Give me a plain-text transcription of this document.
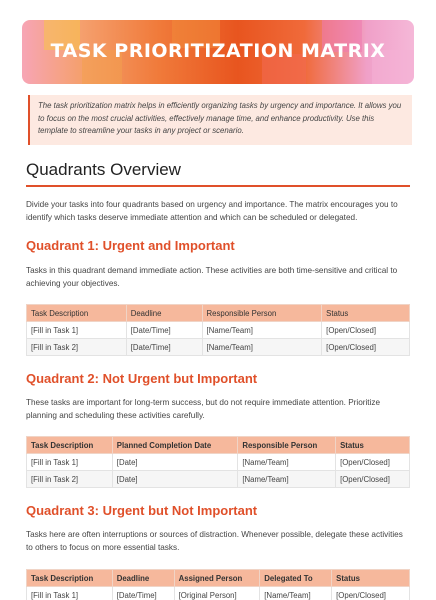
TASK PRIORITIZATION MATRIX
The task prioritization matrix helps in efficiently organizing tasks by urgency and importance. It allows you to focus on the most crucial activities, effectively manage time, and enhance productivity. Use this template to streamline your tasks in any project or scenario.
Quadrants Overview
Divide your tasks into four quadrants based on urgency and importance. The matrix encourages you to identify which tasks deserve immediate attention and which can be scheduled or delegated.
Quadrant 1: Urgent and Important
Tasks in this quadrant demand immediate action. These activities are both time-sensitive and critical to achieving your objectives.
Task Description	Deadline	Responsible Person	Status
[Fill in Task 1]	[Date/Time]	[Name/Team]	[Open/Closed]
[Fill in Task 2]	[Date/Time]	[Name/Team]	[Open/Closed]
Quadrant 2: Not Urgent but Important
These tasks are important for long-term success, but do not require immediate attention. Prioritize planning and scheduling these activities carefully.
Task Description	Planned Completion Date	Responsible Person	Status
[Fill in Task 1]	[Date]	[Name/Team]	[Open/Closed]
[Fill in Task 2]	[Date]	[Name/Team]	[Open/Closed]
Quadrant 3: Urgent but Not Important
Tasks here are often interruptions or sources of distraction. Whenever possible, delegate these activities to others to focus on more essential tasks.
Task Description	Deadline	Assigned Person	Delegated To	Status
[Fill in Task 1]	[Date/Time]	[Original Person]	[Name/Team]	[Open/Closed]
